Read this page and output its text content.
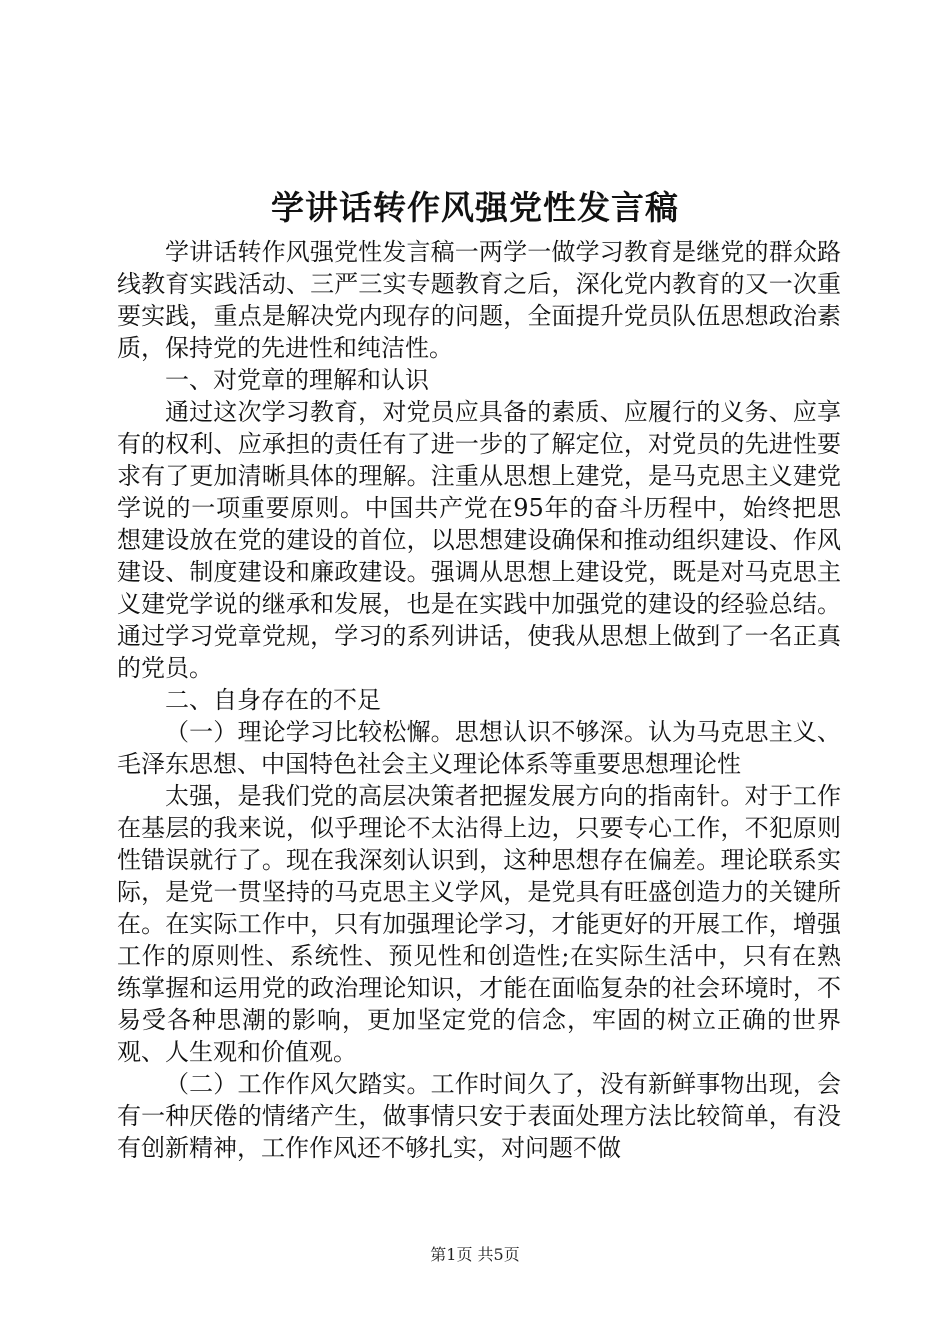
学讲话转作风强党性发言稿

学讲话转作风强党性发言稿一两学一做学习教育是继党的群众路线教育实践活动、三严三实专题教育之后，深化党内教育的又一次重要实践，重点是解决党内现存的问题，全面提升党员队伍思想政治素质，保持党的先进性和纯洁性。

一、对党章的理解和认识

通过这次学习教育，对党员应具备的素质、应履行的义务、应享有的权利、应承担的责任有了进一步的了解定位，对党员的先进性要求有了更加清晰具体的理解。注重从思想上建党，是马克思主义建党学说的一项重要原则。中国共产党在95年的奋斗历程中，始终把思想建设放在党的建设的首位，以思想建设确保和推动组织建设、作风建设、制度建设和廉政建设。强调从思想上建设党，既是对马克思主义建党学说的继承和发展，也是在实践中加强党的建设的经验总结。通过学习党章党规，学习的系列讲话，使我从思想上做到了一名正真的党员。

二、自身存在的不足

（一）理论学习比较松懈。思想认识不够深。认为马克思主义、毛泽东思想、中国特色社会主义理论体系等重要思想理论性

太强，是我们党的高层决策者把握发展方向的指南针。对于工作在基层的我来说，似乎理论不太沾得上边，只要专心工作，不犯原则性错误就行了。现在我深刻认识到，这种思想存在偏差。理论联系实际，是党一贯坚持的马克思主义学风，是党具有旺盛创造力的关键所在。在实际工作中，只有加强理论学习，才能更好的开展工作，增强工作的原则性、系统性、预见性和创造性;在实际生活中，只有在熟练掌握和运用党的政治理论知识，才能在面临复杂的社会环境时，不易受各种思潮的影响，更加坚定党的信念，牢固的树立正确的世界观、人生观和价值观。

（二）工作作风欠踏实。工作时间久了，没有新鲜事物出现，会有一种厌倦的情绪产生，做事情只安于表面处理方法比较简单，有没有创新精神，工作作风还不够扎实，对问题不做

第1页 共5页
